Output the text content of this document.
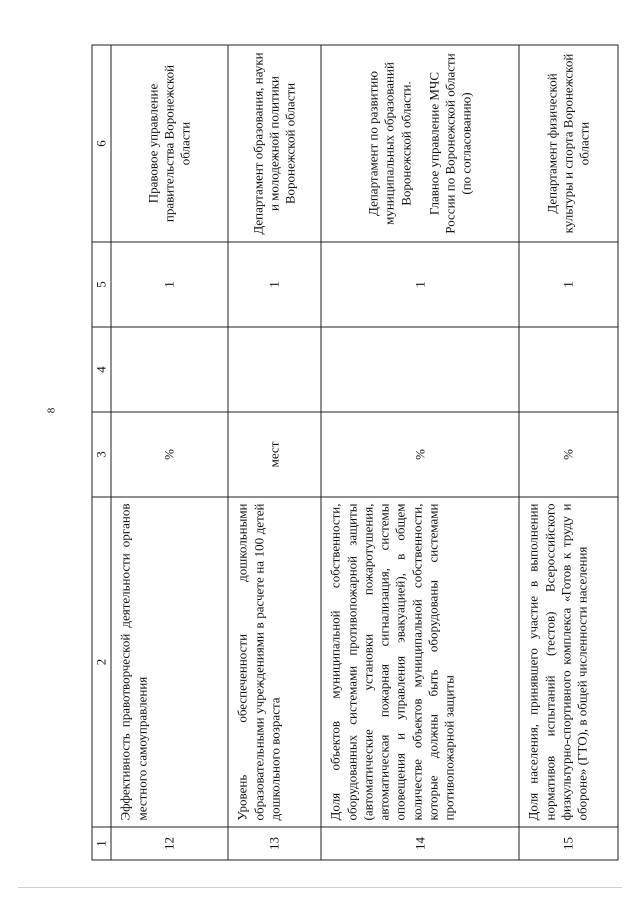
8
1	2	3	4	5	6
12	Эффективность правотворческой деятельности органов местного самоуправления	%		1	Правовое управление правительства Воронежской области

13	Уровень обеспеченности дошкольными образовательными учреждениями в расчете на 100 детей дошкольного возраста	мест		1	Департамент образования, науки и молодежной политики Воронежской области

14	Доля объектов муниципальной собственности, оборудованных системами противопожарной защиты (автоматические установки пожаротушения, автоматическая пожарная сигнализация, системы оповещения и управления эвакуацией), в общем количестве объектов муниципальной собственности, которые должны быть оборудованы системами противопожарной защиты	%		1	Департамент по развитию муниципальных образований Воронежской области. Главное управление МЧС России по Воронежской области (по согласованию)

15	Доля населения, принявшего участие в выполнении нормативов испытаний (тестов) Всероссийского физкультурно-спортивного комплекса «Готов к труду и обороне» (ГТО), в общей численности населения	%		1	Департамент физической культуры и спорта Воронежской области
